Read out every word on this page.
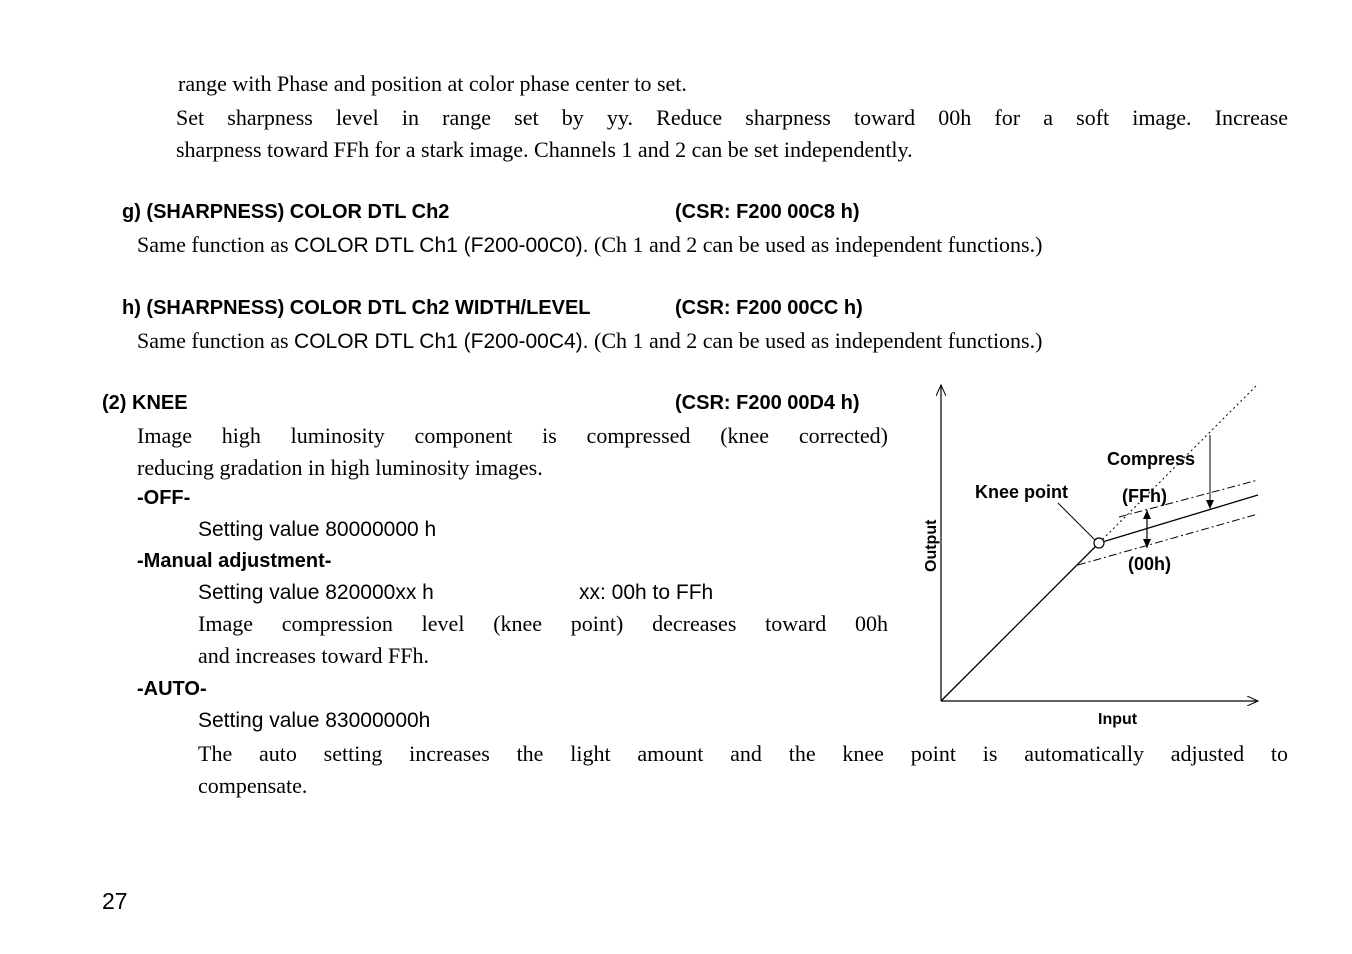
range with Phase and position at color phase center to set.
Set sharpness level in range set by yy. Reduce sharpness toward 00h for a soft image. Increase
sharpness toward FFh for a stark image. Channels 1 and 2 can be set independently.
g) (SHARPNESS) COLOR DTL Ch2	(CSR: F200 00C8 h)
Same function as COLOR DTL Ch1 (F200-00C0). (Ch 1 and 2 can be used as independent functions.)
h) (SHARPNESS) COLOR DTL Ch2 WIDTH/LEVEL	(CSR: F200 00CC h)
Same function as COLOR DTL Ch1 (F200-00C4). (Ch 1 and 2 can be used as independent functions.)
(2) KNEE	(CSR: F200 00D4 h)
Image high luminosity component is compressed (knee corrected)
reducing gradation in high luminosity images.
-OFF-
Setting value 80000000 h
-Manual adjustment-
Setting value 820000xx h	xx: 00h to FFh
Image compression level (knee point) decreases toward 00h
and increases toward FFh.
-AUTO-
Setting value 83000000h
The auto setting increases the light amount and the knee point is automatically adjusted to
compensate.
Compress
(FFh)
Knee point
(00h)
Output
Input
27
